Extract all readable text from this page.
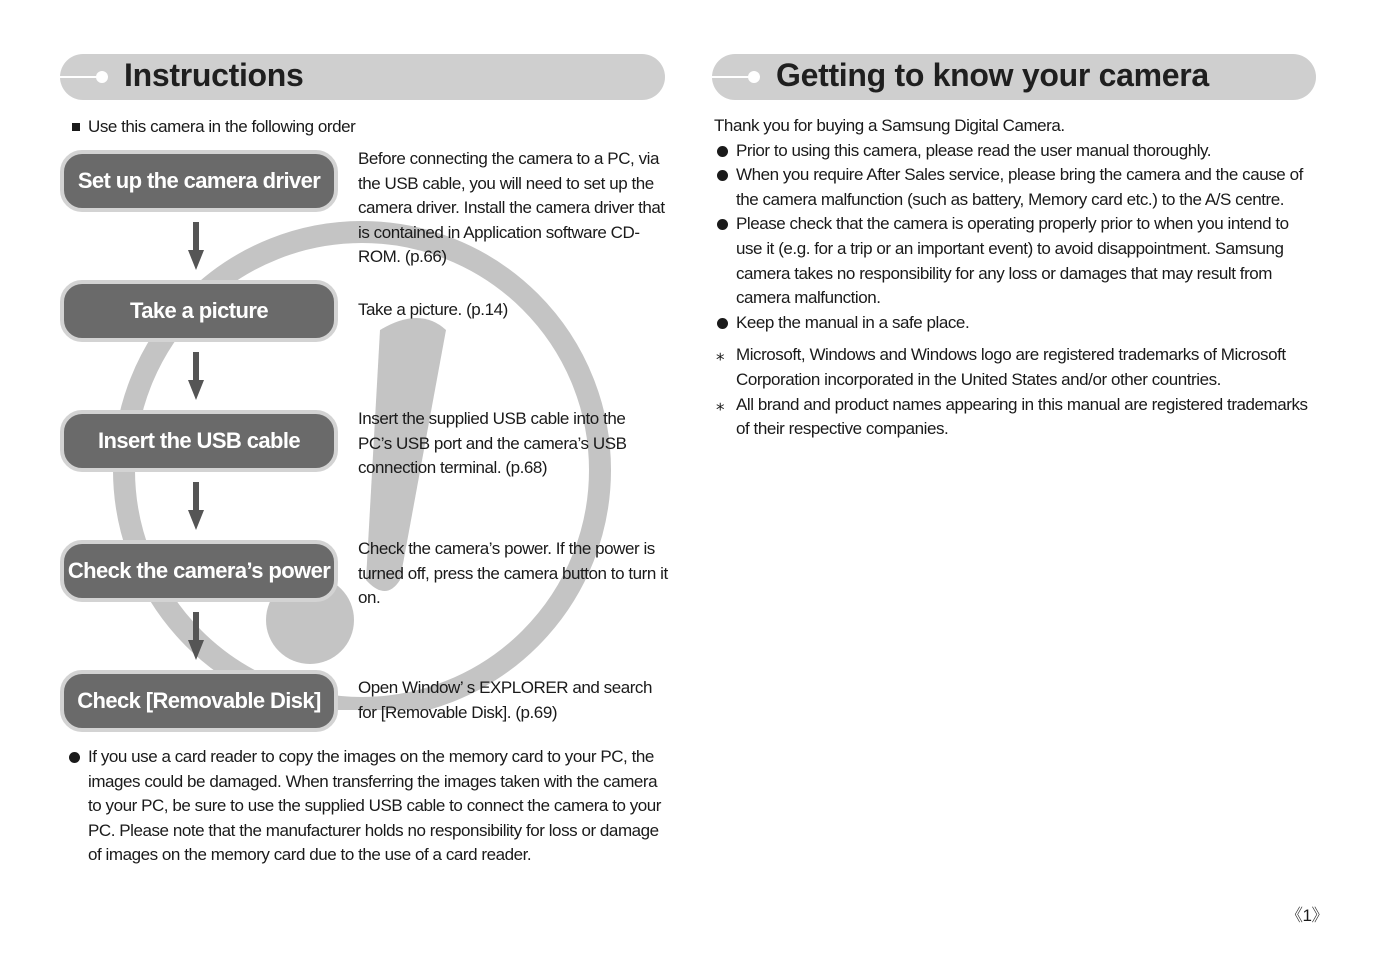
Instructions
Use this camera in the following order
Set up the camera driver
Take a picture
Insert the USB cable
Check the camera’s power
Check [Removable Disk]
Before connecting the camera to a PC, via the USB cable, you will need to set up the camera driver. Install the camera driver that is contained in Application software CD-ROM. (p.66)
Take a picture. (p.14)
Insert the supplied USB cable into the PC’s USB port and the camera’s USB connection terminal. (p.68)
Check the camera’s power. If the power is turned off, press the camera button to turn it on.
Open Window’ s EXPLORER and search for [Removable Disk]. (p.69)
If you use a card reader to copy the images on the memory card to your PC, the images could be damaged. When transferring the images taken with the camera to your PC, be sure to use the supplied USB cable to connect the camera to your PC. Please note that the manufacturer holds no responsibility for loss or damage of images on the memory card due to the use of a card reader.
Getting to know your camera
Thank you for buying a Samsung Digital Camera.
Prior to using this camera, please read the user manual thoroughly.
When you require After Sales service, please bring the camera and the cause of the camera malfunction (such as battery, Memory card etc.) to the A/S centre.
Please check that the camera is operating properly prior to when you intend to use it (e.g. for a trip or an important event) to avoid disappointment. Samsung camera takes no responsibility for any loss or damages that may result from camera malfunction.
Keep the manual in a safe place.
⁎ Microsoft, Windows and Windows logo are registered trademarks of Microsoft Corporation incorporated in the United States and/or other countries.
⁎ All brand and product names appearing in this manual are registered trademarks of their respective companies.
《1》
